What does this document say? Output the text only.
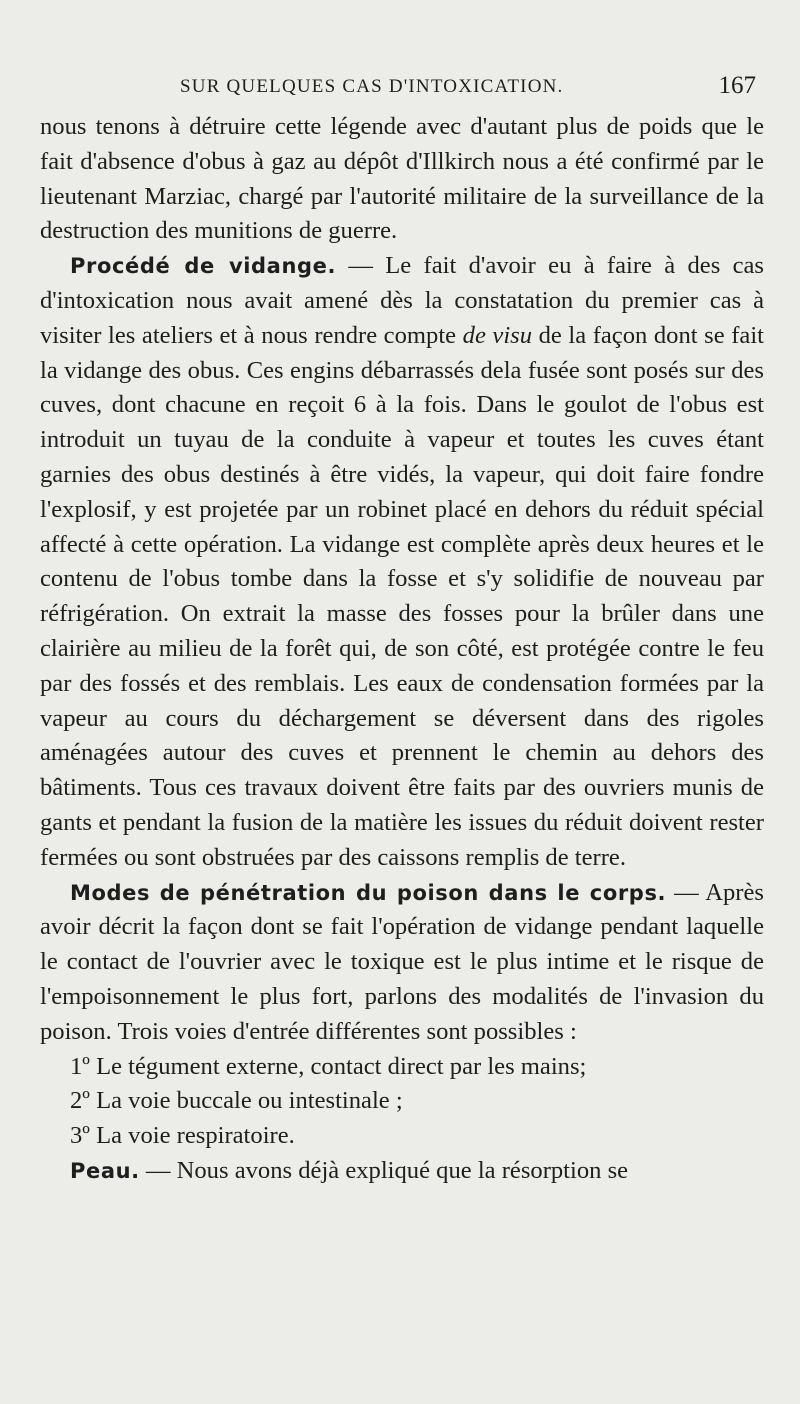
SUR QUELQUES CAS D'INTOXICATION.	167

nous tenons à détruire cette légende avec d'autant plus de poids que le fait d'absence d'obus à gaz au dépôt d'Illkirch nous a été confirmé par le lieutenant Marziac, chargé par l'autorité militaire de la surveillance de la destruction des munitions de guerre.

Procédé de vidange. — Le fait d'avoir eu à faire à des cas d'intoxication nous avait amené dès la constatation du premier cas à visiter les ateliers et à nous rendre compte de visu de la façon dont se fait la vidange des obus. Ces engins débarrassés dela fusée sont posés sur des cuves, dont chacune en reçoit 6 à la fois. Dans le goulot de l'obus est introduit un tuyau de la conduite à vapeur et toutes les cuves étant garnies des obus destinés à être vidés, la vapeur, qui doit faire fondre l'explosif, y est projetée par un robinet placé en dehors du réduit spécial affecté à cette opération. La vidange est complète après deux heures et le contenu de l'obus tombe dans la fosse et s'y solidifie de nouveau par réfrigération. On extrait la masse des fosses pour la brûler dans une clairière au milieu de la forêt qui, de son côté, est protégée contre le feu par des fossés et des remblais. Les eaux de condensation formées par la vapeur au cours du déchargement se déversent dans des rigoles aménagées autour des cuves et prennent le chemin au dehors des bâtiments. Tous ces travaux doivent être faits par des ouvriers munis de gants et pendant la fusion de la matière les issues du réduit doivent rester fermées ou sont obstruées par des caissons remplis de terre.

Modes de pénétration du poison dans le corps. — Après avoir décrit la façon dont se fait l'opération de vidange pendant laquelle le contact de l'ouvrier avec le toxique est le plus intime et le risque de l'empoisonnement le plus fort, parlons des modalités de l'invasion du poison. Trois voies d'entrée différentes sont possibles :

1º Le tégument externe, contact direct par les mains;

2º La voie buccale ou intestinale ;

3º La voie respiratoire.

Peau. — Nous avons déjà expliqué que la résorption se
